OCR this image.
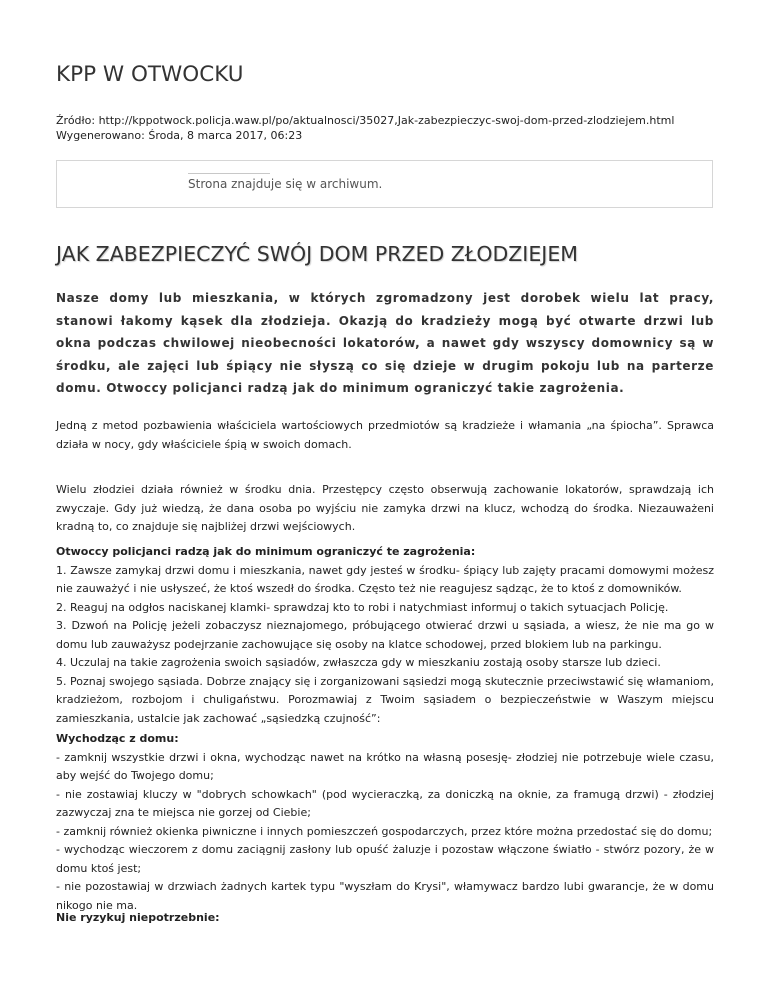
KPP W OTWOCKU
Źródło: http://kppotwock.policja.waw.pl/po/aktualnosci/35027,Jak-zabezpieczyc-swoj-dom-przed-zlodziejem.html
Wygenerowano: Środa, 8 marca 2017, 06:23
Strona znajduje się w archiwum.
JAK ZABEZPIECZYĆ SWÓJ DOM PRZED ZŁODZIEJEM

Nasze domy lub mieszkania, w których zgromadzony jest dorobek wielu lat pracy, stanowi łakomy kąsek dla złodzieja. Okazją do kradzieży mogą być otwarte drzwi lub okna podczas chwilowej nieobecności lokatorów, a nawet gdy wszyscy domownicy są w środku, ale zajęci lub śpiący nie słyszą co się dzieje w drugim pokoju lub na parterze domu. Otwoccy policjanci radzą jak do minimum ograniczyć takie zagrożenia.

Jedną z metod pozbawienia właściciela wartościowych przedmiotów są kradzieże i włamania „na śpiocha”. Sprawca działa w nocy, gdy właściciele śpią w swoich domach.

Wielu złodziei działa również w środku dnia. Przestępcy często obserwują zachowanie lokatorów, sprawdzają ich zwyczaje. Gdy już wiedzą, że dana osoba po wyjściu nie zamyka drzwi na klucz, wchodzą do środka. Niezauważeni kradną to, co znajduje się najbliżej drzwi wejściowych.

Otwoccy policjanci radzą jak do minimum ograniczyć te zagrożenia:
1. Zawsze zamykaj drzwi domu i mieszkania, nawet gdy jesteś w środku- śpiący lub zajęty pracami domowymi możesz nie zauważyć i nie usłyszeć, że ktoś wszedł do środka. Często też nie reagujesz sądząc, że to ktoś z domowników.
2. Reaguj na odgłos naciskanej klamki- sprawdzaj kto to robi i natychmiast informuj o takich sytuacjach Policję.
3. Dzwoń na Policję jeżeli zobaczysz nieznajomego, próbującego otwierać drzwi u sąsiada, a wiesz, że nie ma go w domu lub zauważysz podejrzanie zachowujące się osoby na klatce schodowej, przed blokiem lub na parkingu.
4. Uczulaj na takie zagrożenia swoich sąsiadów, zwłaszcza gdy w mieszkaniu zostają osoby starsze lub dzieci.
5. Poznaj swojego sąsiada. Dobrze znający się i zorganizowani sąsiedzi mogą skutecznie przeciwstawić się włamaniom, kradzieżom, rozbojom i chuligaństwu. Porozmawiaj z Twoim sąsiadem o bezpieczeństwie w Waszym miejscu zamieszkania, ustalcie jak zachować „sąsiedzką czujność”:
Wychodząc z domu:
- zamknij wszystkie drzwi i okna, wychodząc nawet na krótko na własną posesję- złodziej nie potrzebuje wiele czasu, aby wejść do Twojego domu;
- nie zostawiaj kluczy w "dobrych schowkach" (pod wycieraczką, za doniczką na oknie, za framugą drzwi) - złodziej zazwyczaj zna te miejsca nie gorzej od Ciebie;
- zamknij również okienka piwniczne i innych pomieszczeń gospodarczych, przez które można przedostać się do domu;
- wychodząc wieczorem z domu zaciągnij zasłony lub opuść żaluzje i pozostaw włączone światło - stwórz pozory, że w domu ktoś jest;
- nie pozostawiaj w drzwiach żadnych kartek typu "wyszłam do Krysi", włamywacz bardzo lubi gwarancje, że w domu nikogo nie ma.
Nie ryzykuj niepotrzebnie:
